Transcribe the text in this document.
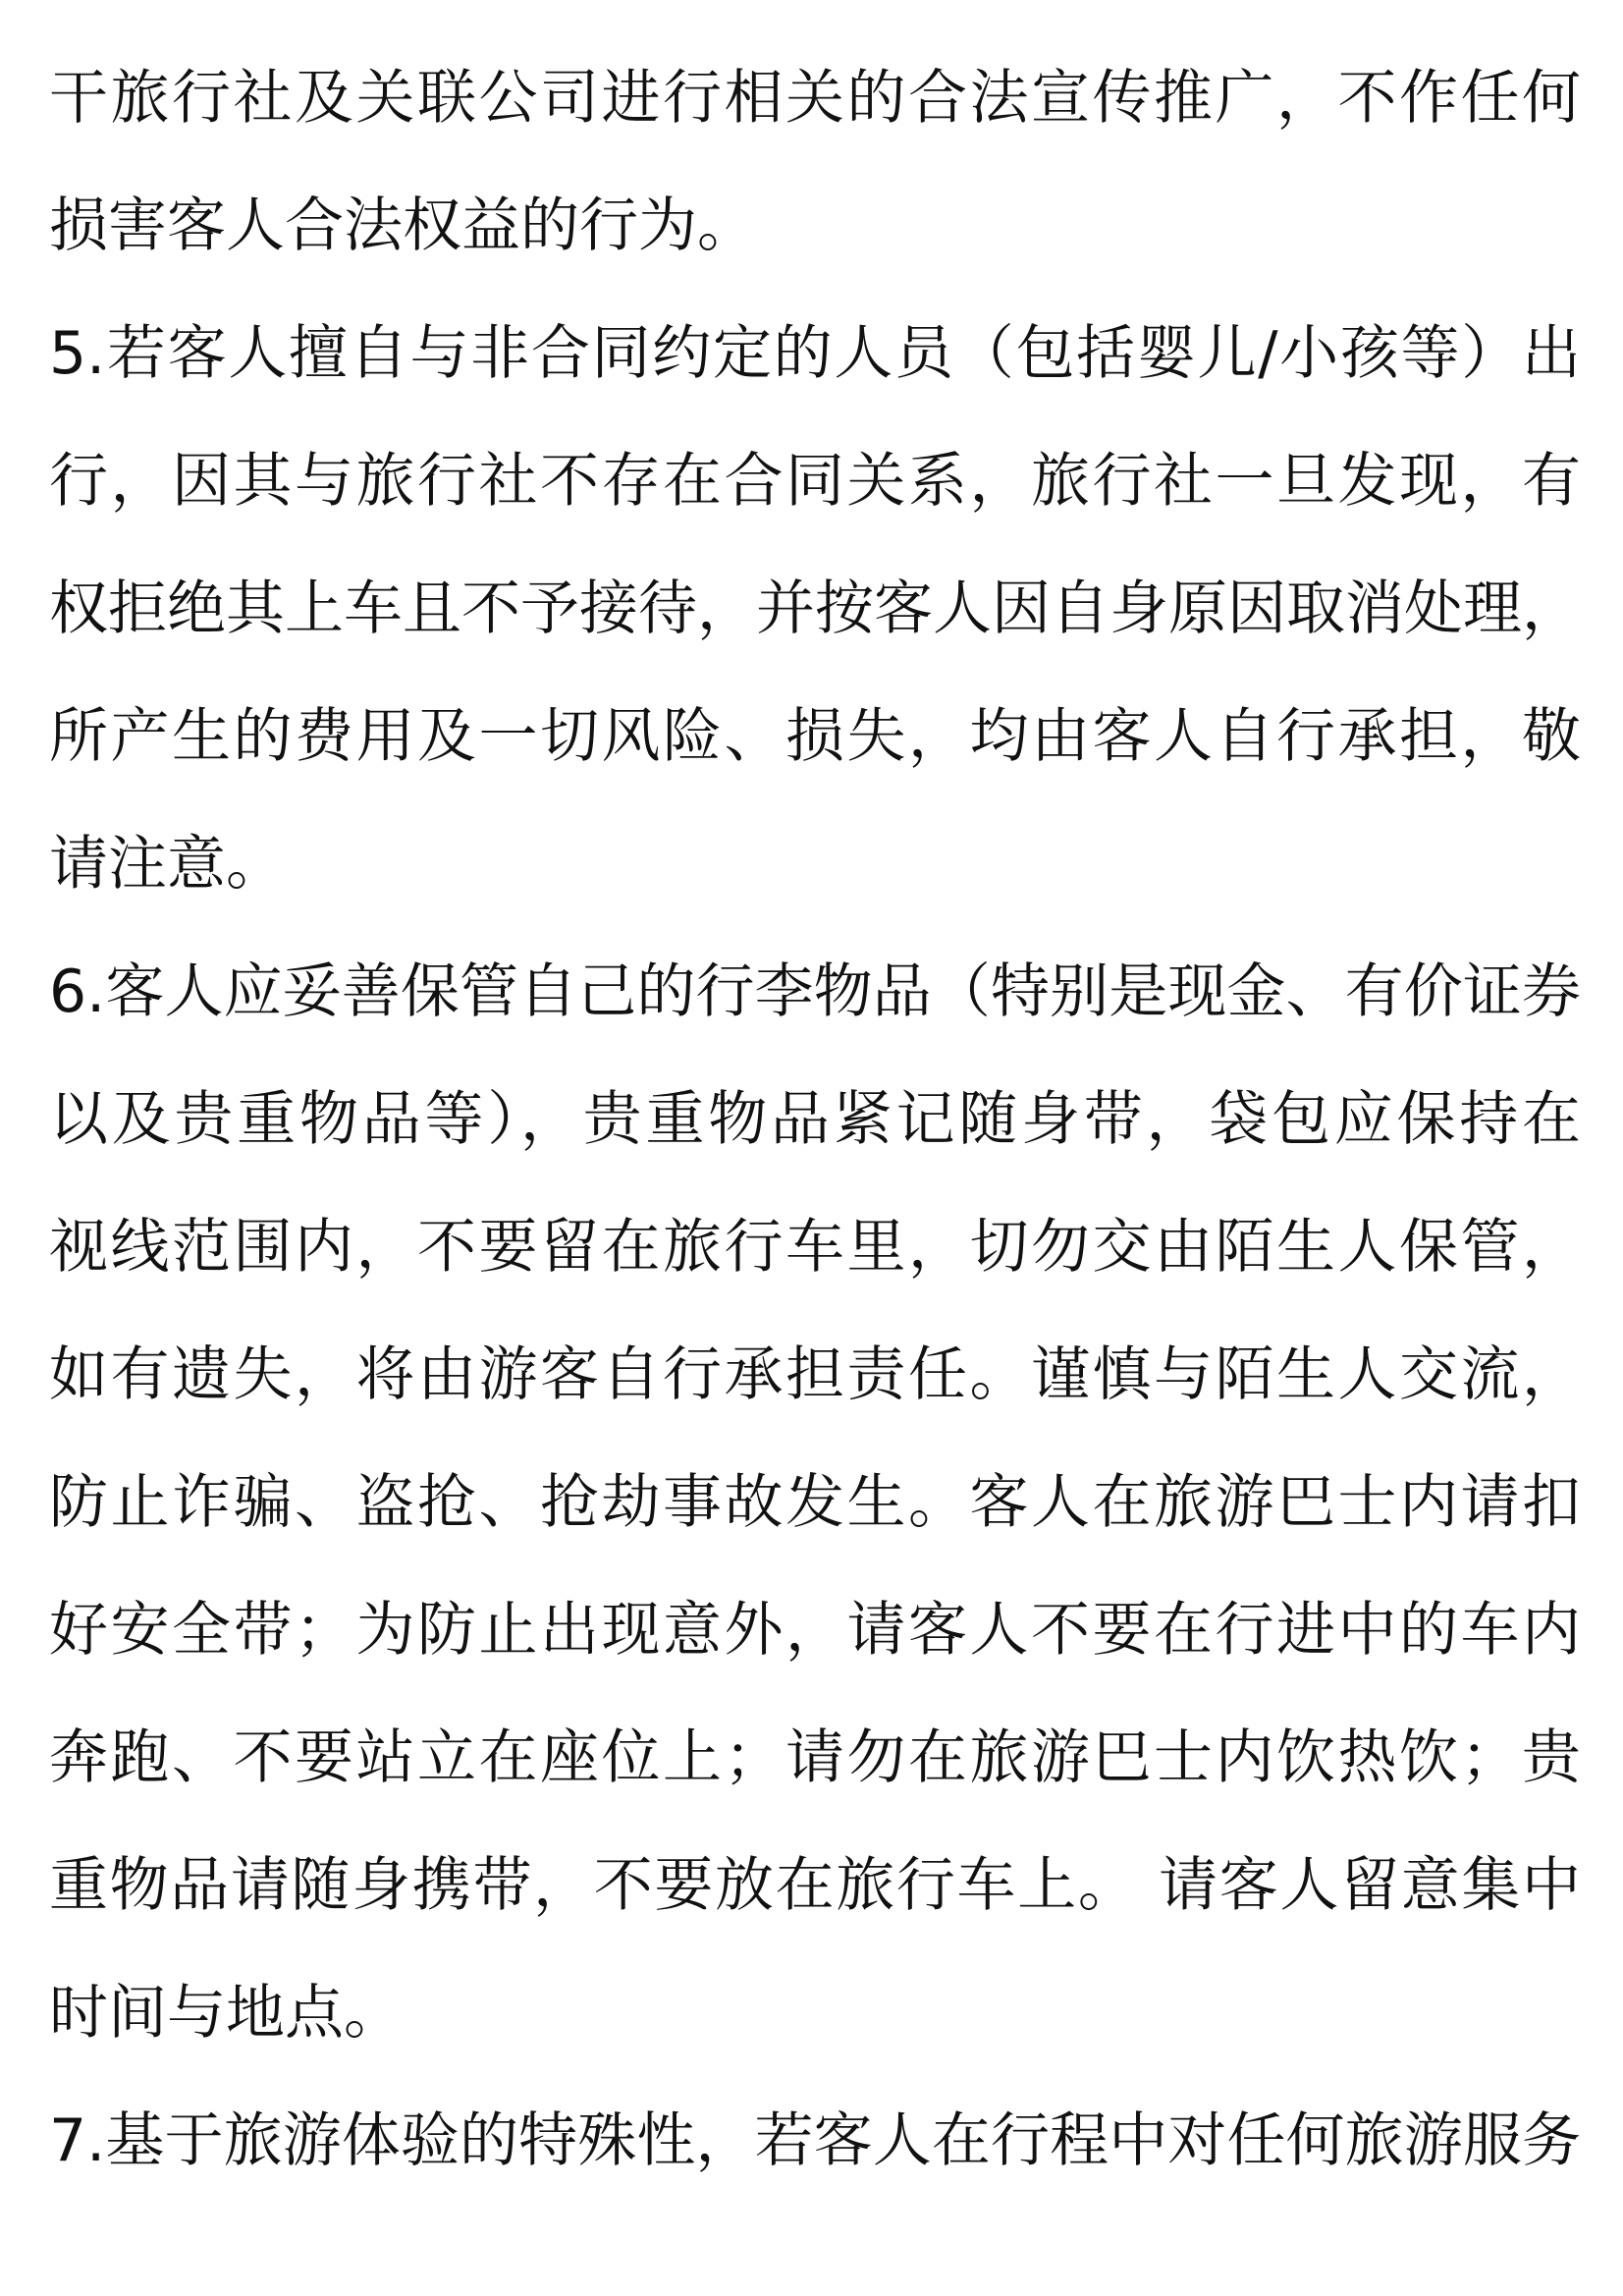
干旅行社及关联公司进行相关的合法宣传推广，不作任何
损害客人合法权益的行为。
5.若客人擅自与非合同约定的人员（包括婴儿/小孩等）出
行，因其与旅行社不存在合同关系，旅行社一旦发现，有
权拒绝其上车且不予接待，并按客人因自身原因取消处理，
所产生的费用及一切风险、损失，均由客人自行承担，敬
请注意。
6.客人应妥善保管自己的行李物品（特别是现金、有价证券
以及贵重物品等），贵重物品紧记随身带，袋包应保持在
视线范围内，不要留在旅行车里，切勿交由陌生人保管，
如有遗失，将由游客自行承担责任。谨慎与陌生人交流，
防止诈骗、盗抢、抢劫事故发生。客人在旅游巴士内请扣
好安全带；为防止出现意外，请客人不要在行进中的车内
奔跑、不要站立在座位上；请勿在旅游巴士内饮热饮；贵
重物品请随身携带，不要放在旅行车上。 请客人留意集中
时间与地点。
7.基于旅游体验的特殊性，若客人在行程中对任何旅游服务
